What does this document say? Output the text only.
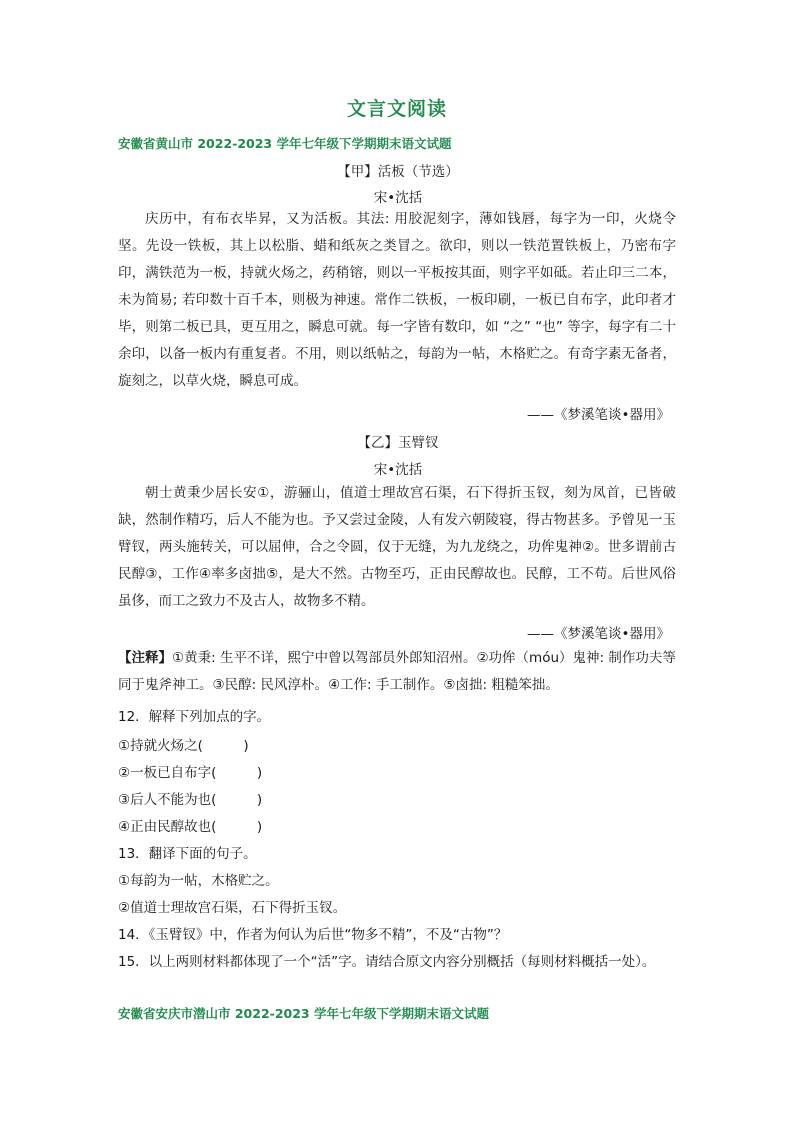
文言文阅读
安徽省黄山市 2022-2023 学年七年级下学期期末语文试题
【甲】活板（节选）
宋•沈括
庆历中，有布衣毕昇，又为活板。其法: 用胶泥刻字，薄如钱唇，每字为一印，火烧令坚。先设一铁板，其上以松脂、蜡和纸灰之类冒之。欲印，则以一铁范置铁板上，乃密布字印，满铁范为一板，持就火炀之，药稍镕，则以一平板按其面，则字平如砥。若止印三二本，未为简易; 若印数十百千本，则极为神速。常作二铁板，一板印刷，一板已自布字，此印者才毕，则第二板已具，更互用之，瞬息可就。每一字皆有数印，如 “之” “也” 等字，每字有二十余印，以备一板内有重复者。不用，则以纸帖之，每韵为一帖，木格贮之。有奇字素无备者，旋刻之，以草火烧，瞬息可成。
——《梦溪笔谈•器用》
【乙】玉臂钗
宋•沈括
朝士黄秉少居长安①，游骊山，值道士理故宫石渠，石下得折玉钗，刻为凤首，已皆破缺，然制作精巧，后人不能为也。予又尝过金陵，人有发六朝陵寝，得古物甚多。予曾见一玉臂钗，两头施转关，可以屈伸，合之令圆，仅于无缝，为九龙绕之，功侔鬼神②。世多谓前古民醇③，工作④率多卤拙⑤，是大不然。古物至巧，正由民醇故也。民醇，工不苟。后世风俗虽侈，而工之致力不及古人，故物多不精。
——《梦溪笔谈•器用》
【注释】①黄秉: 生平不详，熙宁中曾以驾部员外郎知沼州。②功侔（móu）鬼神: 制作功夫等同于鬼斧神工。③民醇: 民风淳朴。④工作: 手工制作。⑤卤拙: 粗糙笨拙。
12．解释下列加点的字。
①持就火炀之(　　　)
②一板已自布字(　　　)
③后人不能为也(　　　)
④正由民醇故也(　　　)
13．翻译下面的句子。
①每韵为一帖，木格贮之。
②值道士理故宫石渠，石下得折玉钗。
14．《玉臂钗》中，作者为何认为后世“物多不精”，不及“古物”？
15．以上两则材料都体现了一个“活”字。请结合原文内容分别概括（每则材料概括一处）。
安徽省安庆市潜山市 2022-2023 学年七年级下学期期末语文试题
